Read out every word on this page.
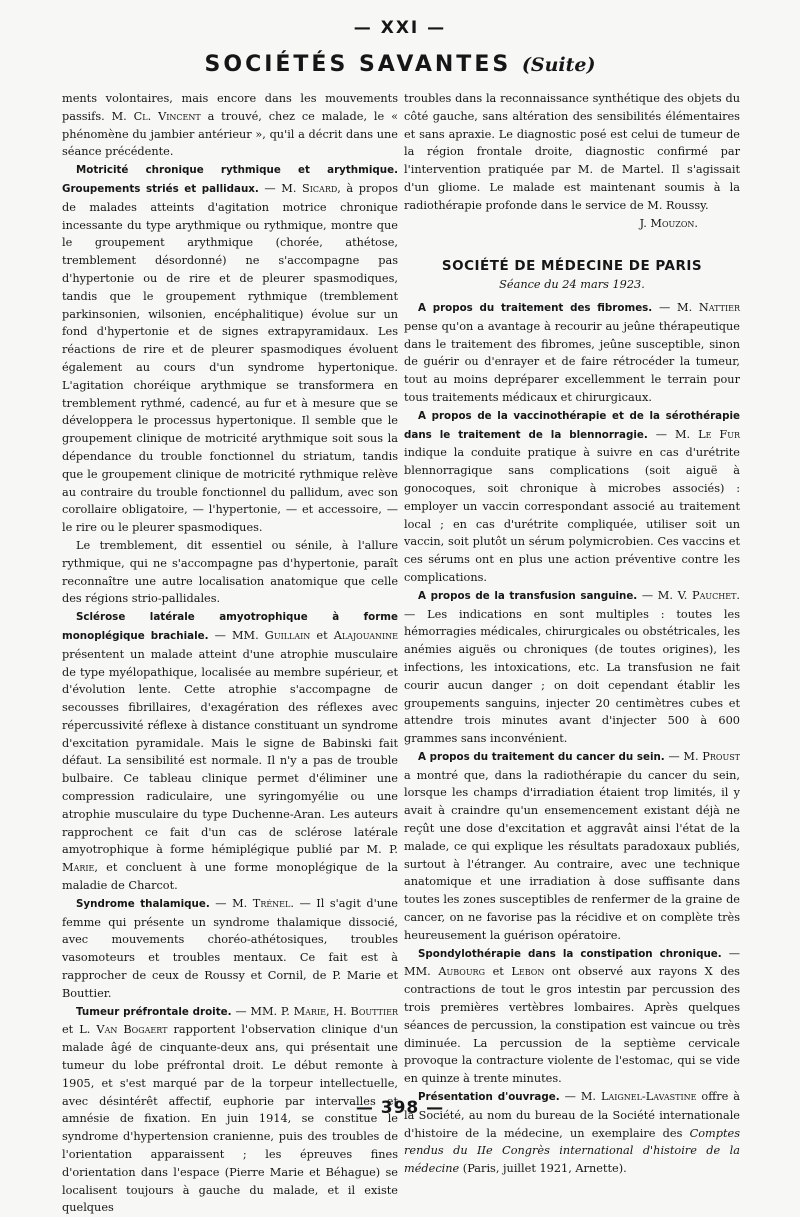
— XXI —
SOCIÉTÉS SAVANTES (Suite)

ments volontaires, mais encore dans les mouvements passifs. M. Cl. Vincent a trouvé, chez ce malade, le « phénomène du jambier antérieur », qu'il a décrit dans une séance précédente.

Motricité chronique rythmique et arythmique. Groupements striés et pallidaux. — M. Sicard, à propos de malades atteints d'agitation motrice chronique incessante du type arythmique ou rythmique, montre que le groupement arythmique (chorée, athétose, tremblement désordonné) ne s'accompagne pas d'hypertonie ou de rire et de pleurer spasmodiques, tandis que le groupement rythmique (tremblement parkinsonien, wilsonien, encéphalitique) évolue sur un fond d'hypertonie et de signes extrapyramidaux. Les réactions de rire et de pleurer spasmodiques évoluent également au cours d'un syndrome hypertonique. L'agitation choréique arythmique se transformera en tremblement rythmé, cadencé, au fur et à mesure que se développera le processus hypertonique. Il semble que le groupement clinique de motricité arythmique soit sous la dépendance du trouble fonctionnel du striatum, tandis que le groupement clinique de motricité rythmique relève au contraire du trouble fonctionnel du pallidum, avec son corollaire obligatoire, — l'hypertonie, — et accessoire, — le rire ou le pleurer spasmodiques.

Le tremblement, dit essentiel ou sénile, à l'allure rythmique, qui ne s'accompagne pas d'hypertonie, paraît reconnaître une autre localisation anatomique que celle des régions strio-pallidales.

Sclérose latérale amyotrophique à forme monoplégique brachiale. — MM. Guillain et Alajouanine présentent un malade atteint d'une atrophie musculaire de type myélopathique, localisée au membre supérieur, et d'évolution lente. Cette atrophie s'accompagne de secousses fibrillaires, d'exagération des réflexes avec répercussivité réflexe à distance constituant un syndrome d'excitation pyramidale. Mais le signe de Babinski fait défaut. La sensibilité est normale. Il n'y a pas de trouble bulbaire. Ce tableau clinique permet d'éliminer une compression radiculaire, une syringomyélie ou une atrophie musculaire du type Duchenne-Aran. Les auteurs rapprochent ce fait d'un cas de sclérose latérale amyotrophique à forme hémiplégique publié par M. P. Marie, et concluent à une forme monoplégique de la maladie de Charcot.

Syndrome thalamique. — M. Trénel. — Il s'agit d'une femme qui présente un syndrome thalamique dissocié, avec mouvements choréo-athétosiques, troubles vasomoteurs et troubles mentaux. Ce fait est à rapprocher de ceux de Roussy et Cornil, de P. Marie et Bouttier.

Tumeur préfrontale droite. — MM. P. Marie, H. Bouttier et L. Van Bogaert rapportent l'observation clinique d'un malade âgé de cinquante-deux ans, qui présentait une tumeur du lobe préfrontal droit. Le début remonte à 1905, et s'est marqué par de la torpeur intellectuelle, avec désintérêt affectif, euphorie par intervalles et amnésie de fixation. En juin 1914, se constitue le syndrome d'hypertension cranienne, puis des troubles de l'orientation apparaissent ; les épreuves fines d'orientation dans l'espace (Pierre Marie et Béhague) se localisent toujours à gauche du malade, et il existe quelques

troubles dans la reconnaissance synthétique des objets du côté gauche, sans altération des sensibilités élémentaires et sans apraxie. Le diagnostic posé est celui de tumeur de la région frontale droite, diagnostic confirmé par l'intervention pratiquée par M. de Martel. Il s'agissait d'un gliome. Le malade est maintenant soumis à la radiothérapie profonde dans le service de M. Roussy.

J. Mouzon.

SOCIÉTÉ DE MÉDECINE DE PARIS

Séance du 24 mars 1923.

A propos du traitement des fibromes. — M. Nattier pense qu'on a avantage à recourir au jeûne thérapeutique dans le traitement des fibromes, jeûne susceptible, sinon de guérir ou d'enrayer et de faire rétrocéder la tumeur, tout au moins depréparer excellemment le terrain pour tous traitements médicaux et chirurgicaux.

A propos de la vaccinothérapie et de la sérothérapie dans le traitement de la blennorragie. — M. Le Fur indique la conduite pratique à suivre en cas d'urétrite blennorragique sans complications (soit aiguë à gonocoques, soit chronique à microbes associés) : employer un vaccin correspondant associé au traitement local ; en cas d'urétrite compliquée, utiliser soit un vaccin, soit plutôt un sérum polymicrobien. Ces vaccins et ces sérums ont en plus une action préventive contre les complications.

A propos de la transfusion sanguine. — M. V. Pauchet. — Les indications en sont multiples : toutes les hémorragies médicales, chirurgicales ou obstétricales, les anémies aiguës ou chroniques (de toutes origines), les infections, les intoxications, etc. La transfusion ne fait courir aucun danger ; on doit cependant établir les groupements sanguins, injecter 20 centimètres cubes et attendre trois minutes avant d'injecter 500 à 600 grammes sans inconvénient.

A propos du traitement du cancer du sein. — M. Proust a montré que, dans la radiothérapie du cancer du sein, lorsque les champs d'irradiation étaient trop limités, il y avait à craindre qu'un ensemencement existant déjà ne reçût une dose d'excitation et aggravât ainsi l'état de la malade, ce qui explique les résultats paradoxaux publiés, surtout à l'étranger. Au contraire, avec une technique anatomique et une irradiation à dose suffisante dans toutes les zones susceptibles de renfermer de la graine de cancer, on ne favorise pas la récidive et on complète très heureusement la guérison opératoire.

Spondylothérapie dans la constipation chronique. — MM. Aubourg et Lebon ont observé aux rayons X des contractions de tout le gros intestin par percussion des trois premières vertèbres lombaires. Après quelques séances de percussion, la constipation est vaincue ou très diminuée. La percussion de la septième cervicale provoque la contracture violente de l'estomac, qui se vide en quinze à trente minutes.

Présentation d'ouvrage. — M. Laignel-Lavastine offre à la Société, au nom du bureau de la Société internationale d'histoire de la médecine, un exemplaire des Comptes rendus du IIe Congrès international d'histoire de la médecine (Paris, juillet 1921, Arnette).

— 398 —
